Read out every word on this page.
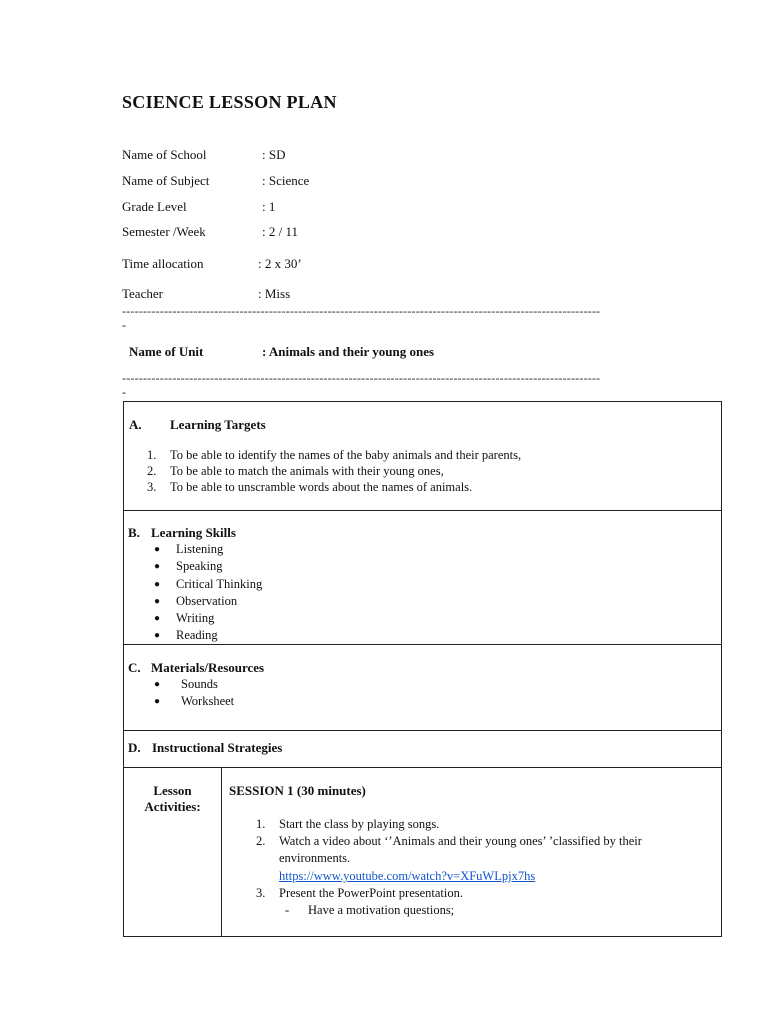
SCIENCE LESSON PLAN
Name of School	: SD
Name of Subject	: Science
Grade Level	: 1
Semester /Week	: 2 / 11
Time allocation	: 2 x 30’
Teacher	: Miss
------------------------------------------------------------------------------------------------------------------
-
Name of Unit	: Animals and their young ones
------------------------------------------------------------------------------------------------------------------
-
A. Learning Targets
1. To be able to identify the names of the baby animals and their parents,
2. To be able to match the animals with their young ones,
3. To be able to unscramble words about the names of animals.
B. Learning Skills
● Listening
● Speaking
● Critical Thinking
● Observation
● Writing
● Reading
C. Materials/Resources
● Sounds
● Worksheet
D. Instructional Strategies
Lesson
Activities:
SESSION 1 (30 minutes)
1. Start the class by playing songs.
2. Watch a video about ‘’Animals and their young ones’ ’classified by their
environments.
https://www.youtube.com/watch?v=XFuWLpjx7hs
3. Present the PowerPoint presentation.
- Have a motivation questions;
